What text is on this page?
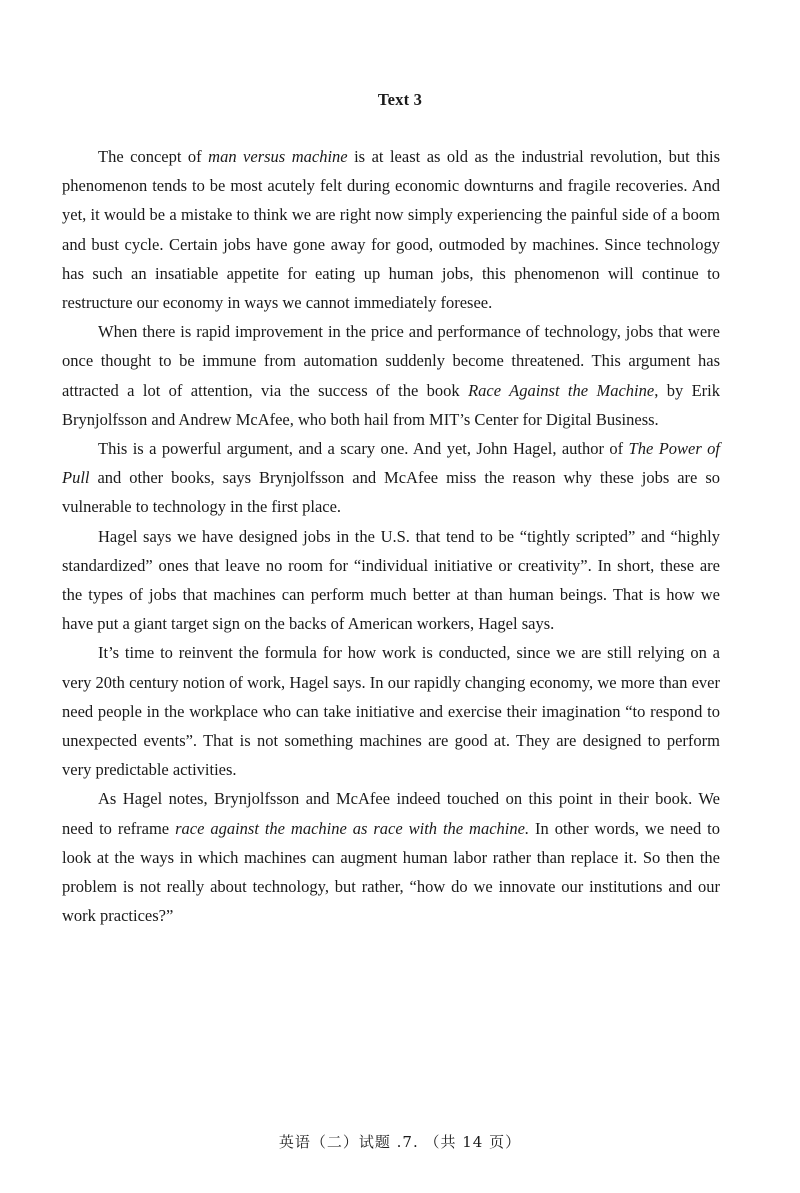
Text 3

The concept of man versus machine is at least as old as the industrial revolution, but this phenomenon tends to be most acutely felt during economic downturns and fragile recoveries. And yet, it would be a mistake to think we are right now simply experiencing the painful side of a boom and bust cycle. Certain jobs have gone away for good, outmoded by machines. Since technology has such an insatiable appetite for eating up human jobs, this phenomenon will continue to restructure our economy in ways we cannot immediately foresee.

When there is rapid improvement in the price and performance of technology, jobs that were once thought to be immune from automation suddenly become threatened. This argument has attracted a lot of attention, via the success of the book Race Against the Machine, by Erik Brynjolfsson and Andrew McAfee, who both hail from MIT’s Center for Digital Business.

This is a powerful argument, and a scary one. And yet, John Hagel, author of The Power of Pull and other books, says Brynjolfsson and McAfee miss the reason why these jobs are so vulnerable to technology in the first place.

Hagel says we have designed jobs in the U.S. that tend to be “tightly scripted” and “highly standardized” ones that leave no room for “individual initiative or creativity”. In short, these are the types of jobs that machines can perform much better at than human beings. That is how we have put a giant target sign on the backs of American workers, Hagel says.

It’s time to reinvent the formula for how work is conducted, since we are still relying on a very 20th century notion of work, Hagel says. In our rapidly changing economy, we more than ever need people in the workplace who can take initiative and exercise their imagination “to respond to unexpected events”. That is not something machines are good at. They are designed to perform very predictable activities.

As Hagel notes, Brynjolfsson and McAfee indeed touched on this point in their book. We need to reframe race against the machine as race with the machine. In other words, we need to look at the ways in which machines can augment human labor rather than replace it. So then the problem is not really about technology, but rather, “how do we innovate our institutions and our work practices?”

英语（二）试题 .7. （共 14 页）
